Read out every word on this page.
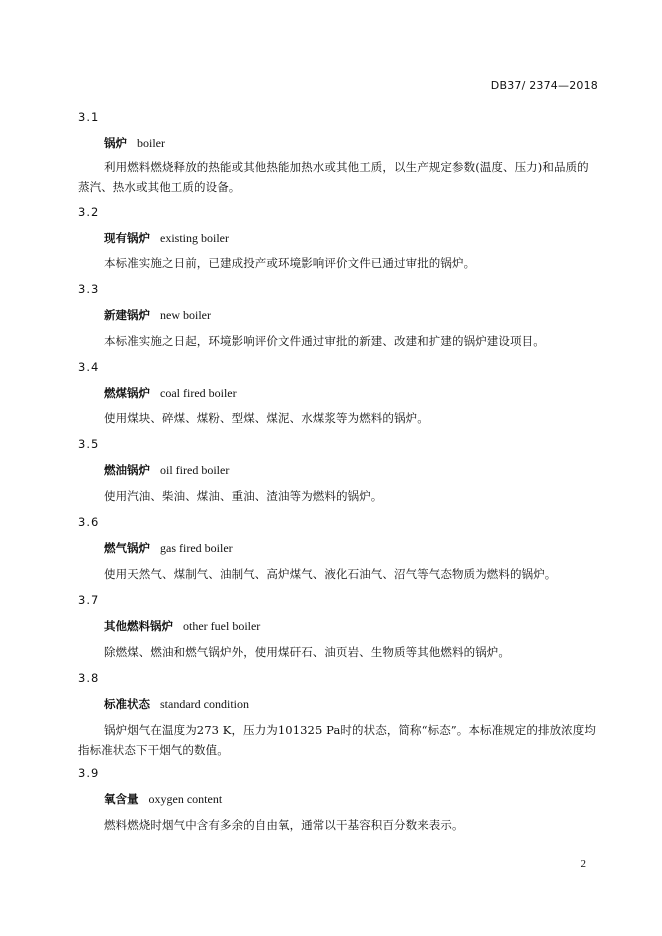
DB37/ 2374—2018
3.1
锅炉 boiler

利用燃料燃烧释放的热能或其他热能加热水或其他工质，以生产规定参数(温度、压力)和品质的蒸汽、热水或其他工质的设备。

3.2
现有锅炉 existing boiler

本标准实施之日前，已建成投产或环境影响评价文件已通过审批的锅炉。

3.3
新建锅炉 new boiler

本标准实施之日起，环境影响评价文件通过审批的新建、改建和扩建的锅炉建设项目。

3.4
燃煤锅炉 coal fired boiler

使用煤块、碎煤、煤粉、型煤、煤泥、水煤浆等为燃料的锅炉。

3.5
燃油锅炉 oil fired boiler

使用汽油、柴油、煤油、重油、渣油等为燃料的锅炉。

3.6
燃气锅炉 gas fired boiler

使用天然气、煤制气、油制气、高炉煤气、液化石油气、沼气等气态物质为燃料的锅炉。

3.7
其他燃料锅炉 other fuel boiler

除燃煤、燃油和燃气锅炉外，使用煤矸石、油页岩、生物质等其他燃料的锅炉。

3.8
标准状态 standard condition

锅炉烟气在温度为273 K，压力为101325 Pa时的状态，简称“标态”。本标准规定的排放浓度均指标准状态下干烟气的数值。

3.9
氧含量 oxygen content

燃料燃烧时烟气中含有多余的自由氧，通常以干基容积百分数来表示。

2
